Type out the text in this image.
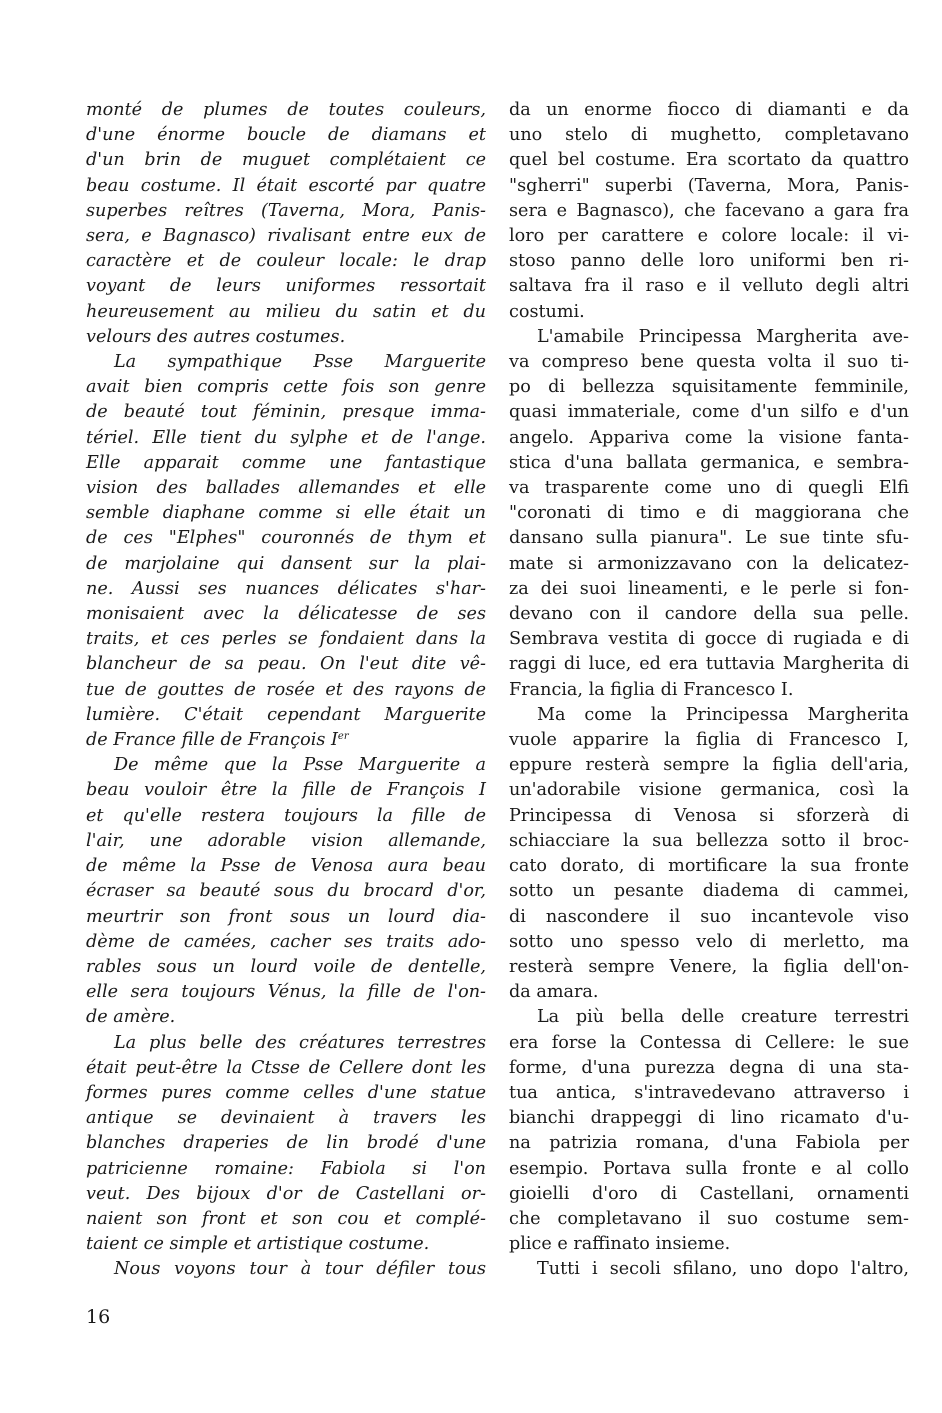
monté de plumes de toutes couleurs,
d'une énorme boucle de diamans et
d'un brin de muguet complétaient ce
beau costume. Il était escorté par quatre
superbes reîtres (Taverna, Mora, Panis-
sera, e Bagnasco) rivalisant entre eux de
caractère et de couleur locale: le drap
voyant de leurs uniformes ressortait
heureusement au milieu du satin et du
velours des autres costumes.
La sympathique Psse Marguerite
avait bien compris cette fois son genre
de beauté tout féminin, presque imma-
tériel. Elle tient du sylphe et de l'ange.
Elle apparait comme une fantastique
vision des ballades allemandes et elle
semble diaphane comme si elle était un
de ces "Elphes" couronnés de thym et
de marjolaine qui dansent sur la plai-
ne. Aussi ses nuances délicates s'har-
monisaient avec la délicatesse de ses
traits, et ces perles se fondaient dans la
blancheur de sa peau. On l'eut dite vê-
tue de gouttes de rosée et des rayons de
lumière. C'était cependant Marguerite
de France fille de François Ier
De même que la Psse Marguerite a
beau vouloir être la fille de François I
et qu'elle restera toujours la fille de
l'air, une adorable vision allemande,
de même la Psse de Venosa aura beau
écraser sa beauté sous du brocard d'or,
meurtrir son front sous un lourd dia-
dème de camées, cacher ses traits ado-
rables sous un lourd voile de dentelle,
elle sera toujours Vénus, la fille de l'on-
de amère.
La plus belle des créatures terrestres
était peut-être la Ctsse de Cellere dont les
formes pures comme celles d'une statue
antique se devinaient à travers les
blanches draperies de lin brodé d'une
patricienne romaine: Fabiola si l'on
veut. Des bijoux d'or de Castellani or-
naient son front et son cou et complé-
taient ce simple et artistique costume.
Nous voyons tour à tour défiler tous
da un enorme fiocco di diamanti e da
uno stelo di mughetto, completavano
quel bel costume. Era scortato da quattro
"sgherri" superbi (Taverna, Mora, Panis-
sera e Bagnasco), che facevano a gara fra
loro per carattere e colore locale: il vi-
stoso panno delle loro uniformi ben ri-
saltava fra il raso e il velluto degli altri
costumi.
L'amabile Principessa Margherita ave-
va compreso bene questa volta il suo ti-
po di bellezza squisitamente femminile,
quasi immateriale, come d'un silfo e d'un
angelo. Appariva come la visione fanta-
stica d'una ballata germanica, e sembra-
va trasparente come uno di quegli Elfi
"coronati di timo e di maggiorana che
dansano sulla pianura". Le sue tinte sfu-
mate si armonizzavano con la delicatez-
za dei suoi lineamenti, e le perle si fon-
devano con il candore della sua pelle.
Sembrava vestita di gocce di rugiada e di
raggi di luce, ed era tuttavia Margherita di
Francia, la figlia di Francesco I.
Ma come la Principessa Margherita
vuole apparire la figlia di Francesco I,
eppure resterà sempre la figlia dell'aria,
un'adorabile visione germanica, così la
Principessa di Venosa si sforzerà di
schiacciare la sua bellezza sotto il broc-
cato dorato, di mortificare la sua fronte
sotto un pesante diadema di cammei,
di nascondere il suo incantevole viso
sotto uno spesso velo di merletto, ma
resterà sempre Venere, la figlia dell'on-
da amara.
La più bella delle creature terrestri
era forse la Contessa di Cellere: le sue
forme, d'una purezza degna di una sta-
tua antica, s'intravedevano attraverso i
bianchi drappeggi di lino ricamato d'u-
na patrizia romana, d'una Fabiola per
esempio. Portava sulla fronte e al collo
gioielli d'oro di Castellani, ornamenti
che completavano il suo costume sem-
plice e raffinato insieme.
Tutti i secoli sfilano, uno dopo l'altro,
16
